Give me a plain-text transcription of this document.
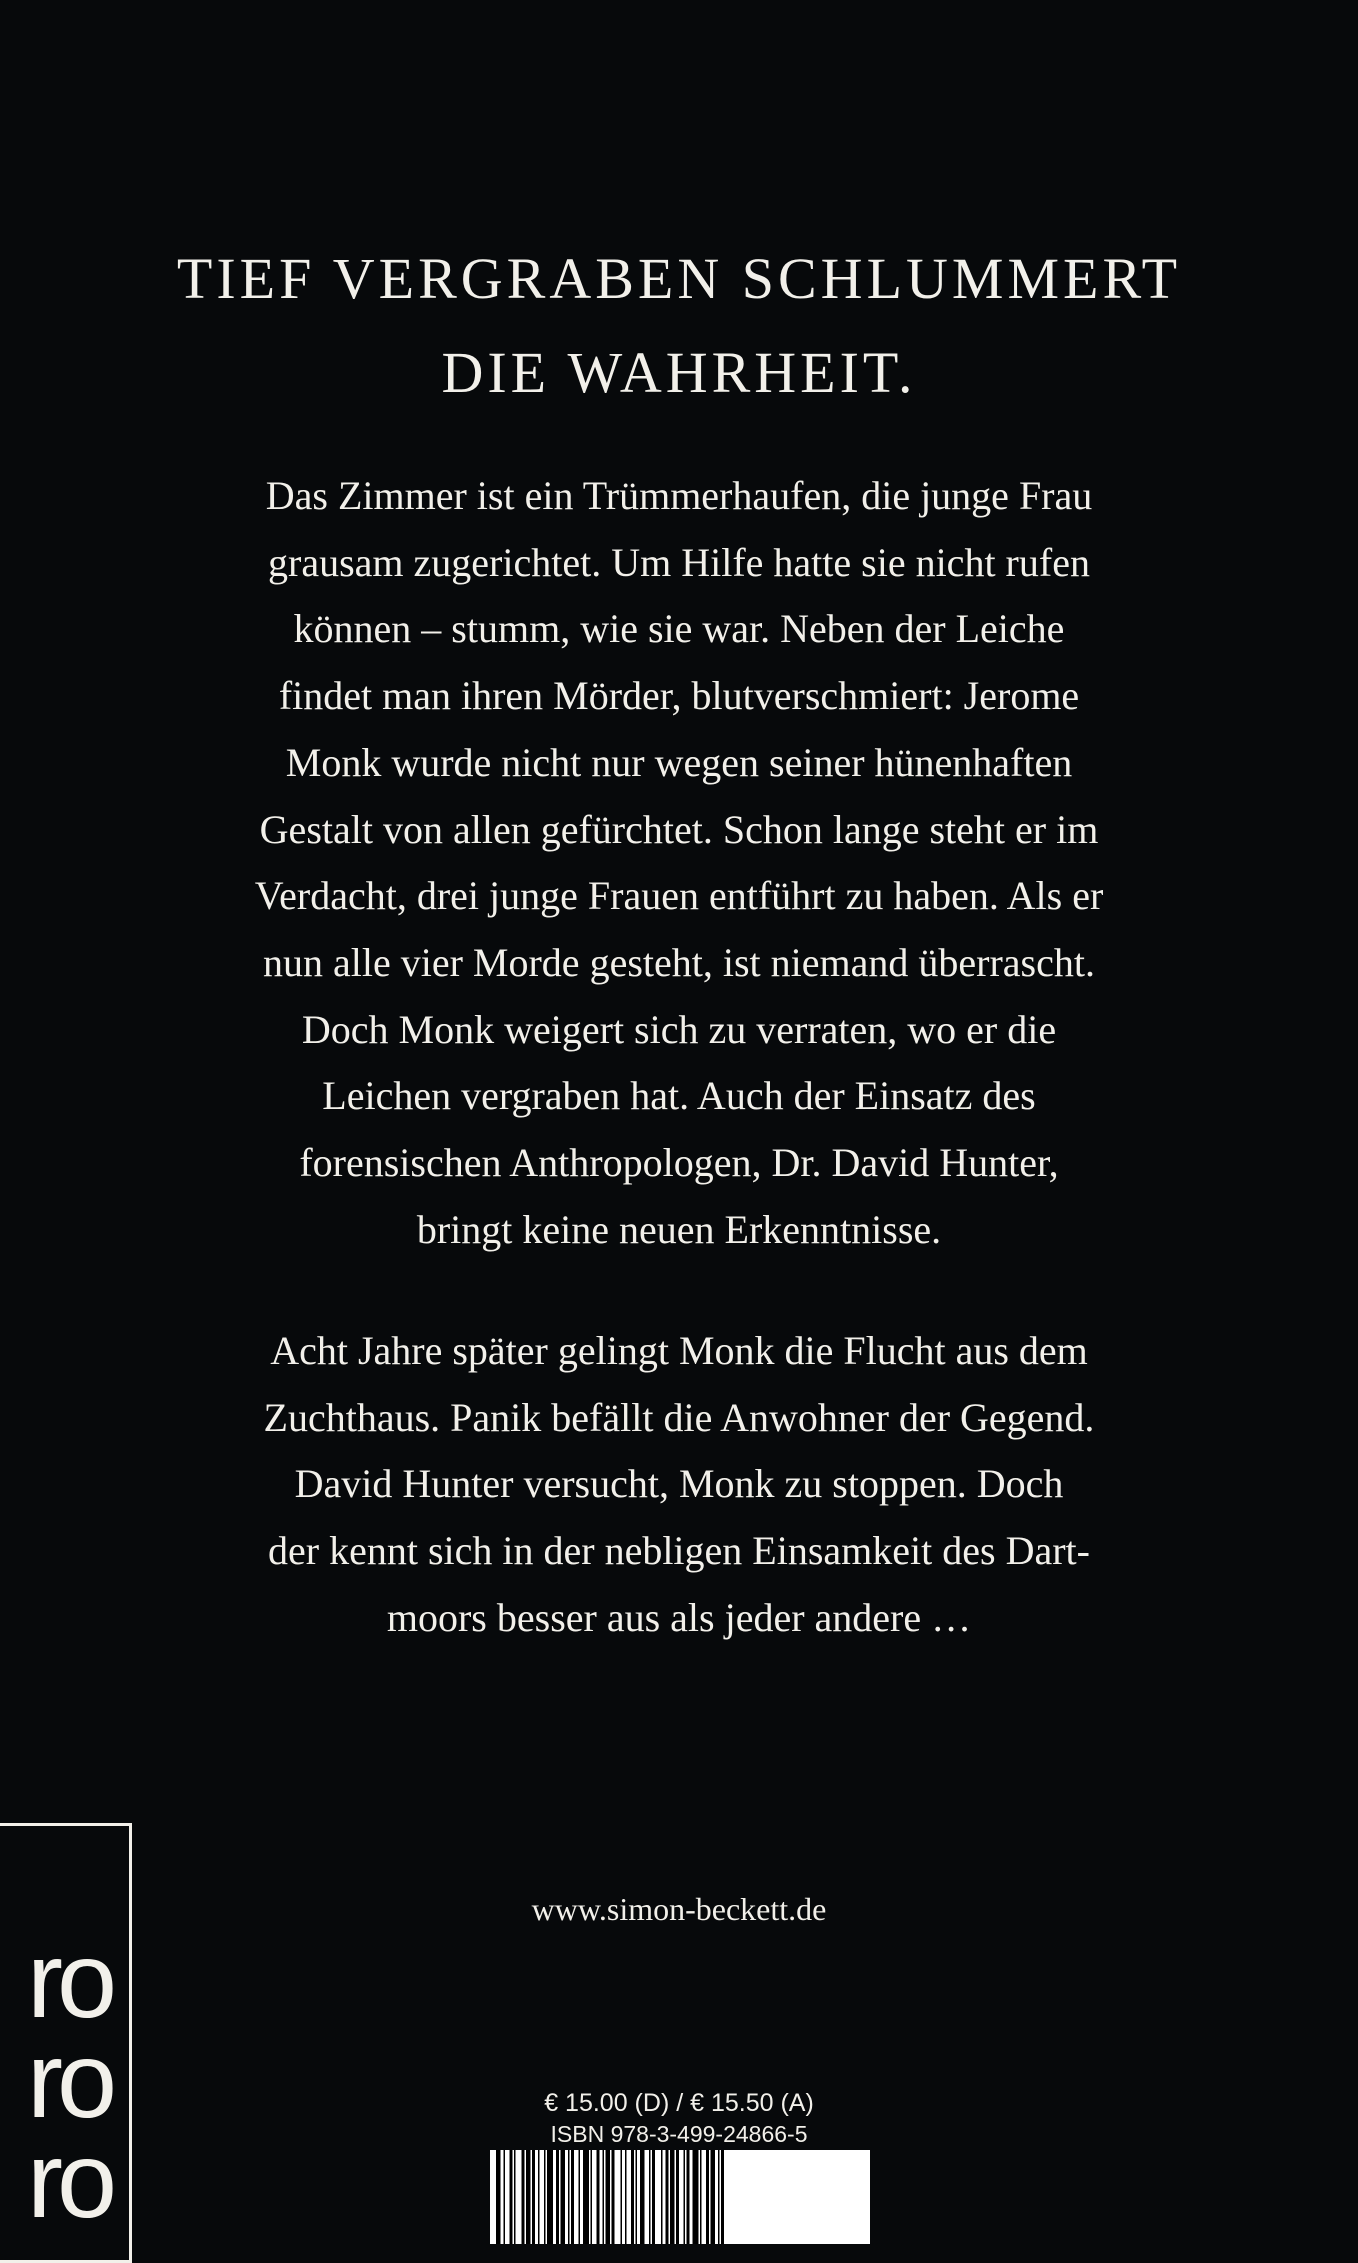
TIEF VERGRABEN SCHLUMMERT
DIE WAHRHEIT.
Das Zimmer ist ein Trümmerhaufen, die junge Frau
grausam zugerichtet. Um Hilfe hatte sie nicht rufen
können – stumm, wie sie war. Neben der Leiche
findet man ihren Mörder, blutverschmiert: Jerome
Monk wurde nicht nur wegen seiner hünenhaften
Gestalt von allen gefürchtet. Schon lange steht er im
Verdacht, drei junge Frauen entführt zu haben. Als er
nun alle vier Morde gesteht, ist niemand überrascht.
Doch Monk weigert sich zu verraten, wo er die
Leichen vergraben hat. Auch der Einsatz des
forensischen Anthropologen, Dr. David Hunter,
bringt keine neuen Erkenntnisse.
Acht Jahre später gelingt Monk die Flucht aus dem
Zuchthaus. Panik befällt die Anwohner der Gegend.
David Hunter versucht, Monk zu stoppen. Doch
der kennt sich in der nebligen Einsamkeit des Dart-
moors besser aus als jeder andere …
www.simon-beckett.de
ro
ro
ro
€ 15.00 (D) / € 15.50 (A)
ISBN 978-3-499-24866-5
